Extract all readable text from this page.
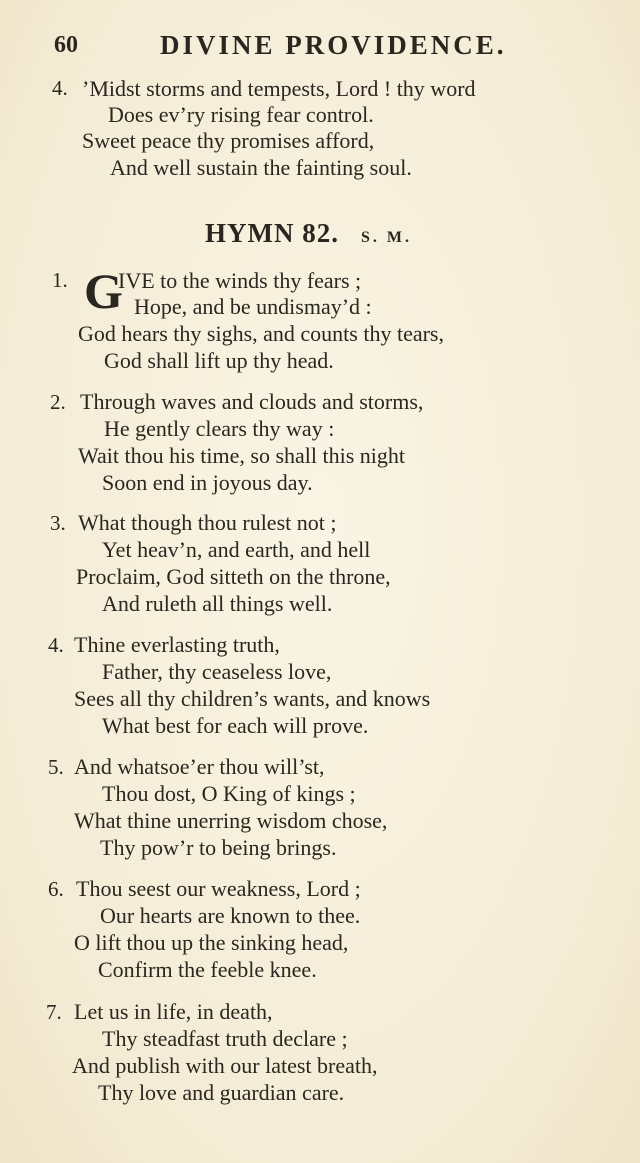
60	DIVINE PROVIDENCE.
4. ’Midst storms and tempests, Lord ! thy word
Does ev’ry rising fear control.
Sweet peace thy promises afford,
And well sustain the fainting soul.
HYMN 82. S. M.
1. G
IVE to the winds thy fears ;
Hope, and be undismay’d :
God hears thy sighs, and counts thy tears,
God shall lift up thy head.
2. Through waves and clouds and storms,
He gently clears thy way :
Wait thou his time, so shall this night
Soon end in joyous day.
3. What though thou rulest not ;
Yet heav’n, and earth, and hell
Proclaim, God sitteth on the throne,
And ruleth all things well.
4. Thine everlasting truth,
Father, thy ceaseless love,
Sees all thy children’s wants, and knows
What best for each will prove.
5. And whatsoe’er thou will’st,
Thou dost, O King of kings ;
What thine unerring wisdom chose,
Thy pow’r to being brings.
6. Thou seest our weakness, Lord ;
Our hearts are known to thee.
O lift thou up the sinking head,
Confirm the feeble knee.
7. Let us in life, in death,
Thy steadfast truth declare ;
And publish with our latest breath,
Thy love and guardian care.
